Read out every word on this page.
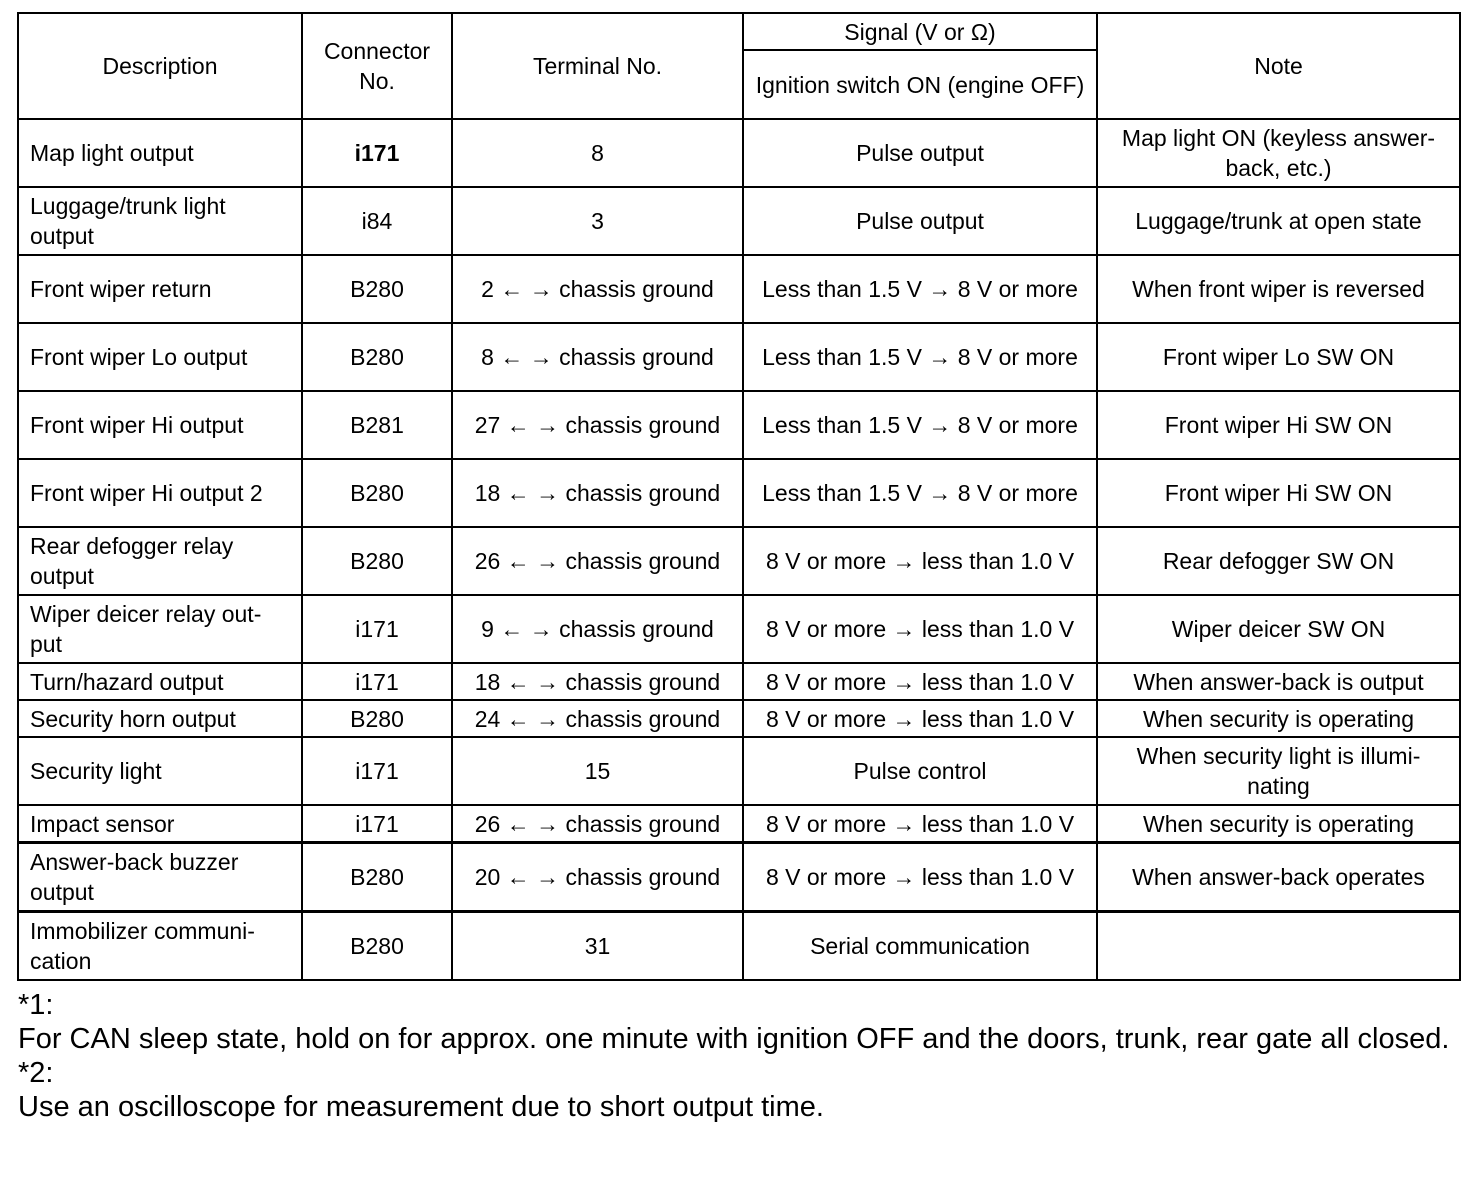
Description	Connector No.	Terminal No.	Signal (V or Ω)	Note
			Ignition switch ON (engine OFF)	
Map light output	i171	8	Pulse output	Map light ON (keyless answer-back, etc.)
Luggage/trunk light output	i84	3	Pulse output	Luggage/trunk at open state
Front wiper return	B280	2 ← → chassis ground	Less than 1.5 V → 8 V or more	When front wiper is reversed
Front wiper Lo output	B280	8 ← → chassis ground	Less than 1.5 V → 8 V or more	Front wiper Lo SW ON
Front wiper Hi output	B281	27 ← → chassis ground	Less than 1.5 V → 8 V or more	Front wiper Hi SW ON
Front wiper Hi output 2	B280	18 ← → chassis ground	Less than 1.5 V → 8 V or more	Front wiper Hi SW ON
Rear defogger relay output	B280	26 ← → chassis ground	8 V or more → less than 1.0 V	Rear defogger SW ON
Wiper deicer relay out-put	i171	9 ← → chassis ground	8 V or more → less than 1.0 V	Wiper deicer SW ON
Turn/hazard output	i171	18 ← → chassis ground	8 V or more → less than 1.0 V	When answer-back is output
Security horn output	B280	24 ← → chassis ground	8 V or more → less than 1.0 V	When security is operating
Security light	i171	15	Pulse control	When security light is illumi-nating
Impact sensor	i171	26 ← → chassis ground	8 V or more → less than 1.0 V	When security is operating
Answer-back buzzer output	B280	20 ← → chassis ground	8 V or more → less than 1.0 V	When answer-back operates
Immobilizer communi-cation	B280	31	Serial communication	
*1:
For CAN sleep state, hold on for approx. one minute with ignition OFF and the doors, trunk, rear gate all closed.
*2:
Use an oscilloscope for measurement due to short output time.
